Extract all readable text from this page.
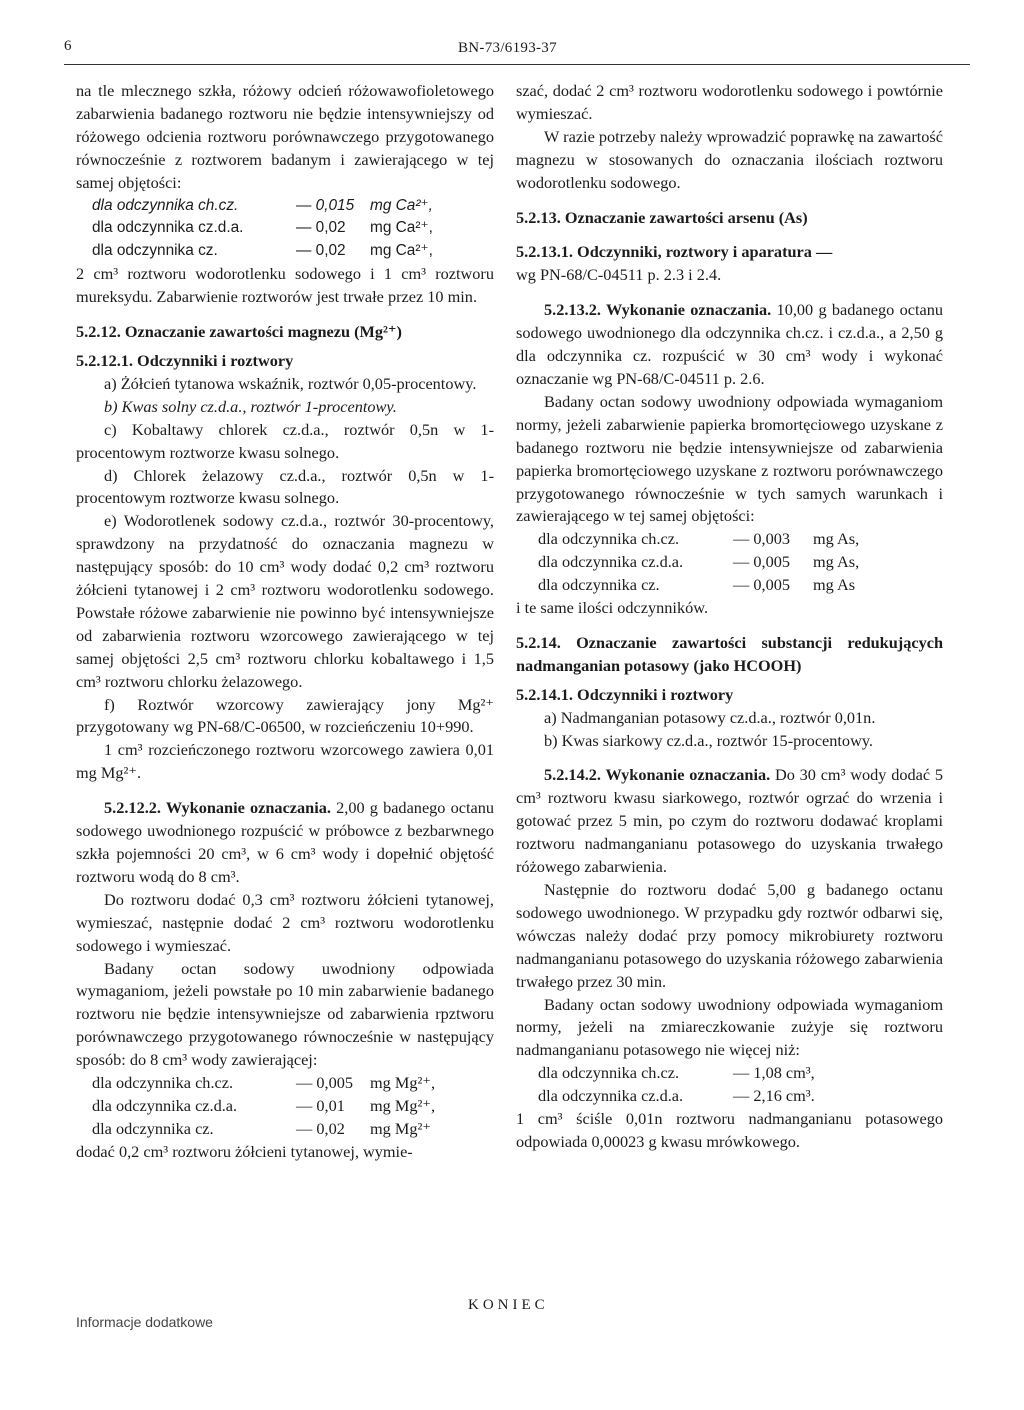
6	BN-73/6193-37

na tle mlecznego szkła, różowy odcień różowawofioletowego zabarwienia badanego roztworu nie będzie intensywniejszy od różowego odcienia roztworu porównawczego przygotowanego równocześnie z roztworem badanym i zawierającego w tej samej objętości:

dla odczynnika ch.cz.	— 0,015	mg Ca²⁺,
dla odczynnika cz.d.a.	— 0,02	mg Ca²⁺,
dla odczynnika cz.	— 0,02	mg Ca²⁺,

2 cm³ roztworu wodorotlenku sodowego i 1 cm³ roztworu mureksydu. Zabarwienie roztworów jest trwałe przez 10 min.

5.2.12. Oznaczanie zawartości magnezu (Mg²⁺)

5.2.12.1. Odczynniki i roztwory

a) Żółcień tytanowa wskaźnik, roztwór 0,05-procentowy.

b) Kwas solny cz.d.a., roztwór 1-procentowy.

c) Kobaltawy chlorek cz.d.a., roztwór 0,5n w 1-procentowym roztworze kwasu solnego.

d) Chlorek żelazowy cz.d.a., roztwór 0,5n w 1-procentowym roztworze kwasu solnego.

e) Wodorotlenek sodowy cz.d.a., roztwór 30-procentowy, sprawdzony na przydatność do oznaczania magnezu w następujący sposób: do 10 cm³ wody dodać 0,2 cm³ roztworu żółcieni tytanowej i 2 cm³ roztworu wodorotlenku sodowego. Powstałe różowe zabarwienie nie powinno być intensywniejsze od zabarwienia roztworu wzorcowego zawierającego w tej samej objętości 2,5 cm³ roztworu chlorku kobaltawego i 1,5 cm³ roztworu chlorku żelazowego.

f) Roztwór wzorcowy zawierający jony Mg²⁺ przygotowany wg PN-68/C-06500, w rozcieńczeniu 10+990.

1 cm³ rozcieńczonego roztworu wzorcowego zawiera 0,01 mg Mg²⁺.

5.2.12.2. Wykonanie oznaczania. 2,00 g badanego octanu sodowego uwodnionego rozpuścić w próbowce z bezbarwnego szkła pojemności 20 cm³, w 6 cm³ wody i dopełnić objętość roztworu wodą do 8 cm³.

Do roztworu dodać 0,3 cm³ roztworu żółcieni tytanowej, wymieszać, następnie dodać 2 cm³ roztworu wodorotlenku sodowego i wymieszać.

Badany octan sodowy uwodniony odpowiada wymaganiom, jeżeli powstałe po 10 min zabarwienie badanego roztworu nie będzie intensywniejsze od zabarwienia rpztworu porównawczego przygotowanego równocześnie w następujący sposób: do 8 cm³ wody zawierającej:

dla odczynnika ch.cz.	— 0,005	mg Mg²⁺,
dla odczynnika cz.d.a.	— 0,01	mg Mg²⁺,
dla odczynnika cz.	— 0,02	mg Mg²⁺

dodać 0,2 cm³ roztworu żółcieni tytanowej, wymie-

szać, dodać 2 cm³ roztworu wodorotlenku sodowego i powtórnie wymieszać.

W razie potrzeby należy wprowadzić poprawkę na zawartość magnezu w stosowanych do oznaczania ilościach roztworu wodorotlenku sodowego.

5.2.13. Oznaczanie zawartości arsenu (As)

5.2.13.1. Odczynniki, roztwory i aparatura —

wg PN-68/C-04511 p. 2.3 i 2.4.

5.2.13.2. Wykonanie oznaczania. 10,00 g badanego octanu sodowego uwodnionego dla odczynnika ch.cz. i cz.d.a., a 2,50 g dla odczynnika cz. rozpuścić w 30 cm³ wody i wykonać oznaczanie wg PN-68/C-04511 p. 2.6.

Badany octan sodowy uwodniony odpowiada wymaganiom normy, jeżeli zabarwienie papierka bromortęciowego uzyskane z badanego roztworu nie będzie intensywniejsze od zabarwienia papierka bromortęciowego uzyskane z roztworu porównawczego przygotowanego równocześnie w tych samych warunkach i zawierającego w tej samej objętości:

dla odczynnika ch.cz.	— 0,003	mg As,
dla odczynnika cz.d.a.	— 0,005	mg As,
dla odczynnika cz.	— 0,005	mg As

i te same ilości odczynników.

5.2.14. Oznaczanie zawartości substancji redukujących nadmanganian potasowy (jako HCOOH)

5.2.14.1. Odczynniki i roztwory

a) Nadmanganian potasowy cz.d.a., roztwór 0,01n.

b) Kwas siarkowy cz.d.a., roztwór 15-procentowy.

5.2.14.2. Wykonanie oznaczania. Do 30 cm³ wody dodać 5 cm³ roztworu kwasu siarkowego, roztwór ogrzać do wrzenia i gotować przez 5 min, po czym do roztworu dodawać kroplami roztworu nadmanganianu potasowego do uzyskania trwałego różowego zabarwienia.

Następnie do roztworu dodać 5,00 g badanego octanu sodowego uwodnionego. W przypadku gdy roztwór odbarwi się, wówczas należy dodać przy pomocy mikrobiurety roztworu nadmanganianu potasowego do uzyskania różowego zabarwienia trwałego przez 30 min.

Badany octan sodowy uwodniony odpowiada wymaganiom normy, jeżeli na zmiareczkowanie zużyje się roztworu nadmanganianu potasowego nie więcej niż:

dla odczynnika ch.cz.	— 1,08 cm³,
dla odczynnika cz.d.a.	— 2,16 cm³.

1 cm³ ściśle 0,01n roztworu nadmanganianu potasowego odpowiada 0,00023 g kwasu mrówkowego.

KONIEC
Informacje dodatkowe
